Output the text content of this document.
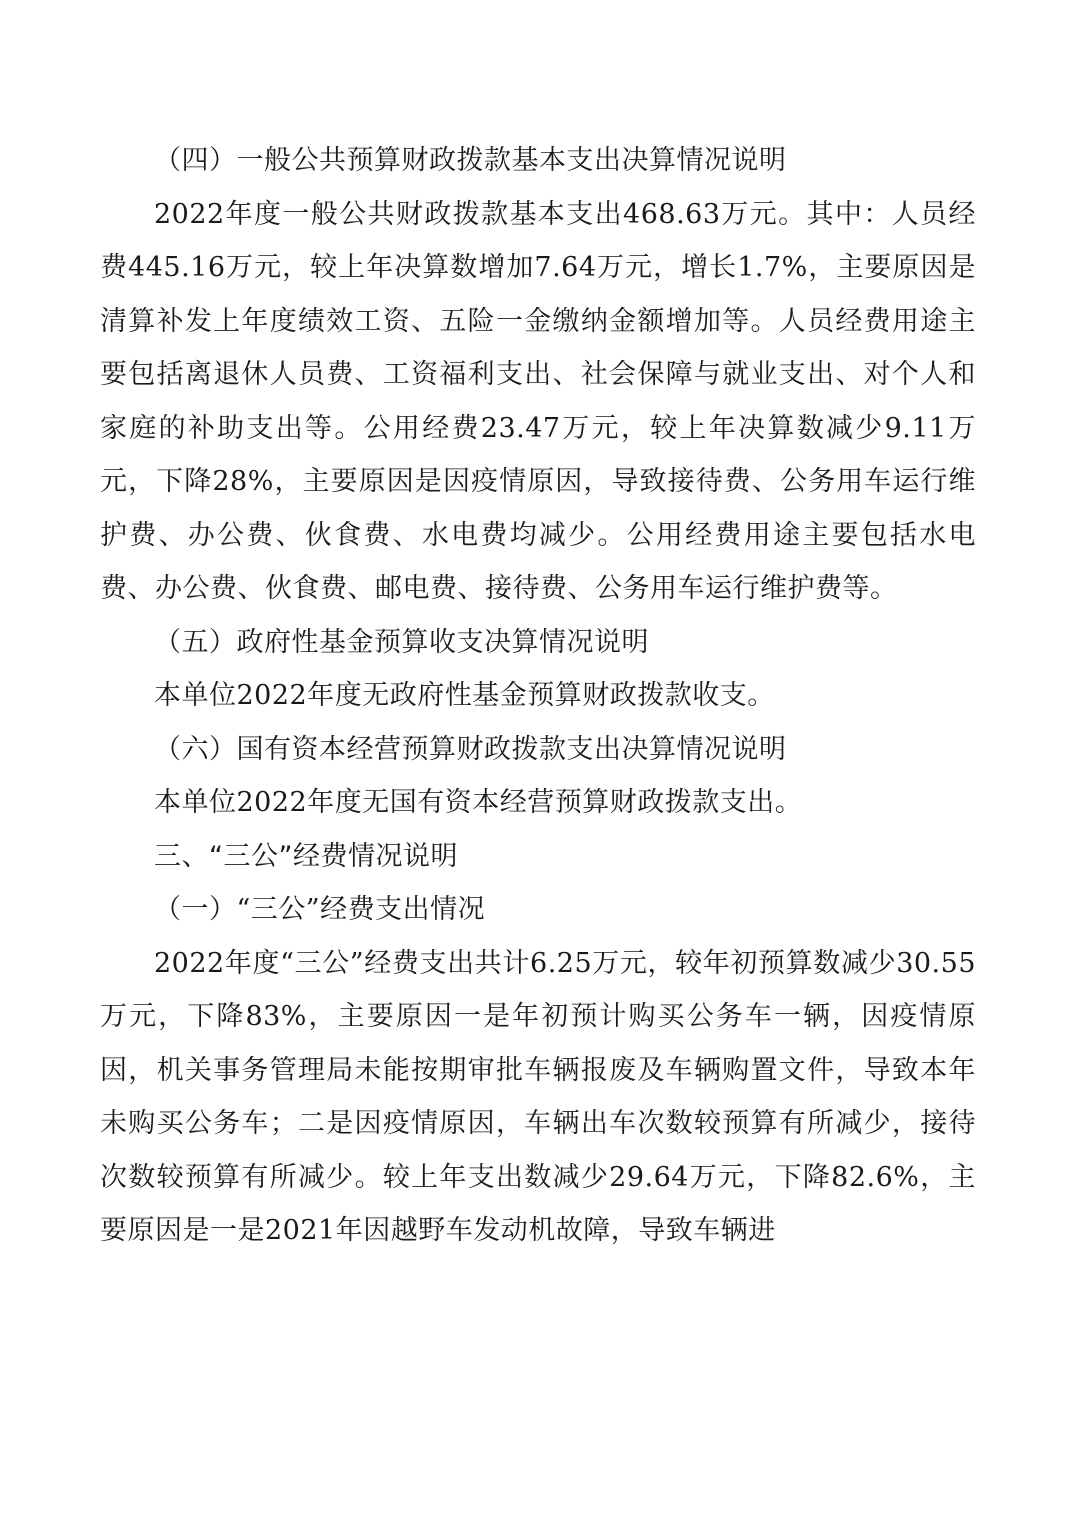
（四）一般公共预算财政拨款基本支出决算情况说明

2022年度一般公共财政拨款基本支出468.63万元。其中：人员经费445.16万元，较上年决算数增加7.64万元，增长1.7%，主要原因是清算补发上年度绩效工资、五险一金缴纳金额增加等。人员经费用途主要包括离退休人员费、工资福利支出、社会保障与就业支出、对个人和家庭的补助支出等。公用经费23.47万元，较上年决算数减少9.11万元，下降28%，主要原因是因疫情原因，导致接待费、公务用车运行维护费、办公费、伙食费、水电费均减少。公用经费用途主要包括水电费、办公费、伙食费、邮电费、接待费、公务用车运行维护费等。

（五）政府性基金预算收支决算情况说明

本单位2022年度无政府性基金预算财政拨款收支。

（六）国有资本经营预算财政拨款支出决算情况说明

本单位2022年度无国有资本经营预算财政拨款支出。

三、“三公”经费情况说明

（一）“三公”经费支出情况

2022年度“三公”经费支出共计6.25万元，较年初预算数减少30.55万元，下降83%，主要原因一是年初预计购买公务车一辆，因疫情原因，机关事务管理局未能按期审批车辆报废及车辆购置文件，导致本年未购买公务车；二是因疫情原因，车辆出车次数较预算有所减少，接待次数较预算有所减少。较上年支出数减少29.64万元，下降82.6%，主要原因是一是2021年因越野车发动机故障，导致车辆进
